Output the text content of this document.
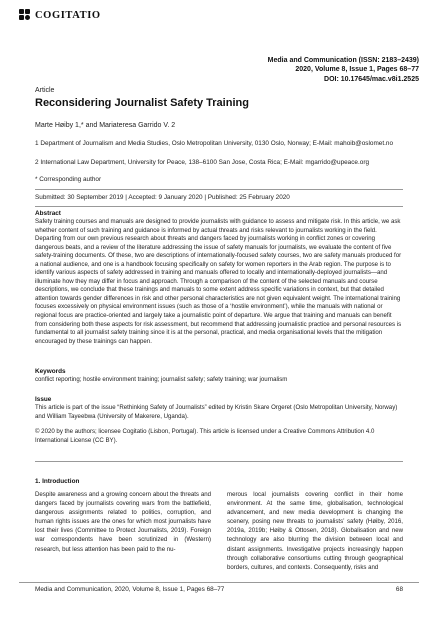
COGITATIO
Media and Communication (ISSN: 2183–2439)
2020, Volume 8, Issue 1, Pages 68–77
DOI: 10.17645/mac.v8i1.2525
Article
Reconsidering Journalist Safety Training
Marte Høiby 1,* and Mariateresa Garrido V. 2
1 Department of Journalism and Media Studies, Oslo Metropolitan University, 0130 Oslo, Norway; E-Mail: mahoib@oslomet.no
2 International Law Department, University for Peace, 138–6100 San Jose, Costa Rica; E-Mail: mgarrido@upeace.org
* Corresponding author
Submitted: 30 September 2019 | Accepted: 9 January 2020 | Published: 25 February 2020
Abstract
Safety training courses and manuals are designed to provide journalists with guidance to assess and mitigate risk. In this article, we ask whether content of such training and guidance is informed by actual threats and risks relevant to journalists working in the field. Departing from our own previous research about threats and dangers faced by journalists working in conflict zones or covering dangerous beats, and a review of the literature addressing the issue of safety manuals for journalists, we evaluate the content of five safety-training documents. Of these, two are descriptions of internationally-focused safety courses, two are safety manuals produced for a national audience, and one is a handbook focusing specifically on safety for women reporters in the Arab region. The purpose is to identify various aspects of safety addressed in training and manuals offered to locally and internationally-deployed journalists—and illuminate how they may differ in focus and approach. Through a comparison of the content of the selected manuals and course descriptions, we conclude that these trainings and manuals to some extent address specific variations in context, but that detailed attention towards gender differences in risk and other personal characteristics are not given equivalent weight. The international training focuses excessively on physical environment issues (such as those of a ‘hostile environment’), while the manuals with national or regional focus are practice-oriented and largely take a journalistic point of departure. We argue that training and manuals can benefit from considering both these aspects for risk assessment, but recommend that addressing journalistic practice and personal resources is fundamental to all journalist safety training since it is at the personal, practical, and media organisational levels that the mitigation encouraged by these trainings can happen.
Keywords
conflict reporting; hostile environment training; journalist safety; safety training; war journalism
Issue
This article is part of the issue “Rethinking Safety of Journalists” edited by Kristin Skare Orgeret (Oslo Metropolitan University, Norway) and William Tayeebwa (University of Makerere, Uganda).
© 2020 by the authors; licensee Cogitatio (Lisbon, Portugal). This article is licensed under a Creative Commons Attribution 4.0 International License (CC BY).
1. Introduction
Despite awareness and a growing concern about the threats and dangers faced by journalists covering wars from the battlefield, dangerous assignments related to politics, corruption, and human rights issues are the ones for which most journalists have lost their lives (Committee to Protect Journalists, 2019). Foreign war correspondents have been scrutinized in (Western) research, but less attention has been paid to the nu-
merous local journalists covering conflict in their home environment. At the same time, globalisation, technological advancement, and new media development is changing the scenery, posing new threats to journalists’ safety (Høiby, 2016, 2019a, 2019b; Høiby & Ottosen, 2018). Globalisation and new technology are also blurring the division between local and distant assignments. Investigative projects increasingly happen through collaborative consortiums cutting through geographical borders, cultures, and contexts. Consequently, risks and
Media and Communication, 2020, Volume 8, Issue 1, Pages 68–77	68
